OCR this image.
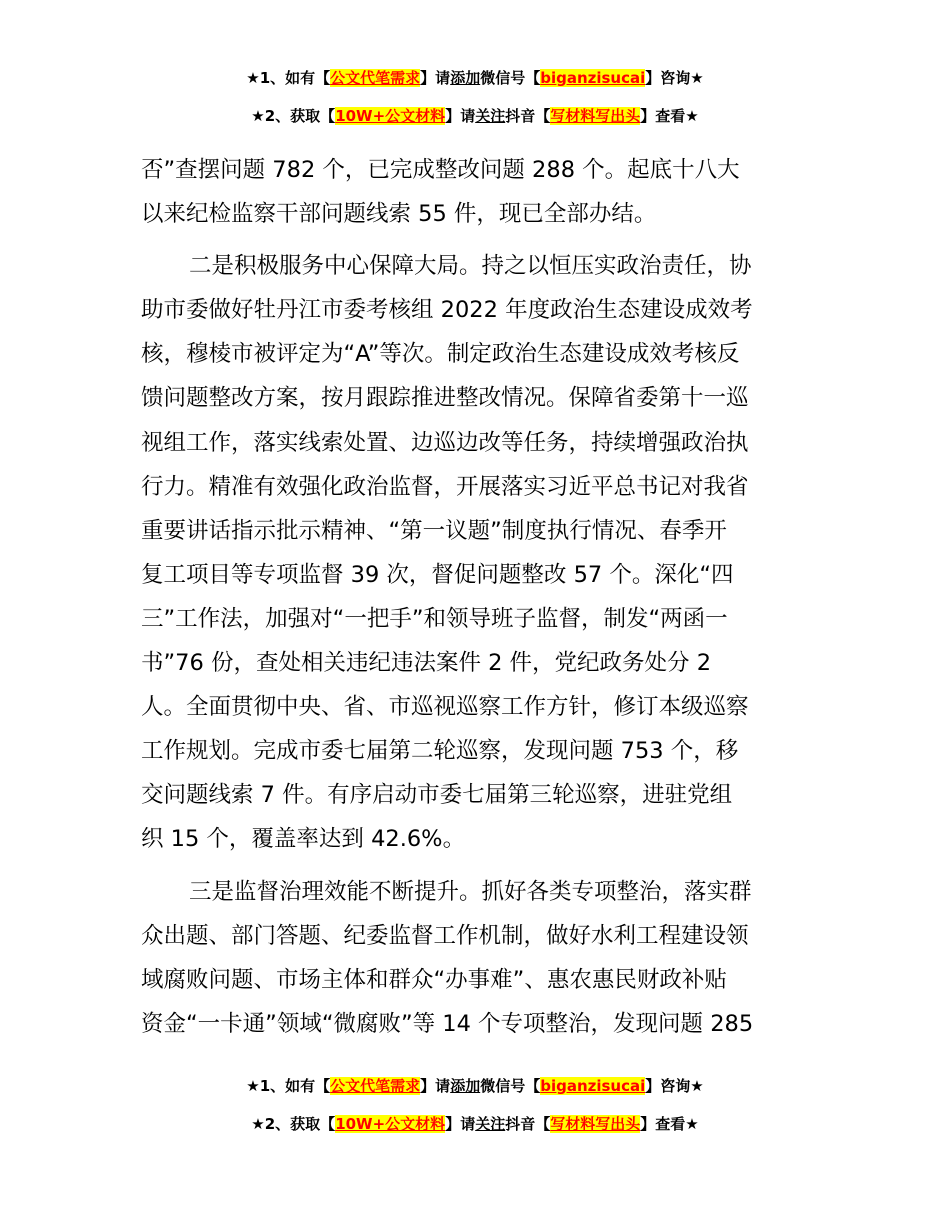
★1、如有【公文代笔需求】请添加微信号【biganzisucai】咨询★
★2、获取【10W+公文材料】请关注抖音【写材料写出头】查看★
否”查摆问题 782 个，已完成整改问题 288 个。起底十八大
以来纪检监察干部问题线索 55 件，现已全部办结。
二是积极服务中心保障大局。持之以恒压实政治责任，协
助市委做好牡丹江市委考核组 2022 年度政治生态建设成效考
核，穆棱市被评定为“A”等次。制定政治生态建设成效考核反
馈问题整改方案，按月跟踪推进整改情况。保障省委第十一巡
视组工作，落实线索处置、边巡边改等任务，持续增强政治执
行力。精准有效强化政治监督，开展落实习近平总书记对我省
重要讲话指示批示精神、“第一议题”制度执行情况、春季开
复工项目等专项监督 39 次，督促问题整改 57 个。深化“四
三”工作法，加强对“一把手”和领导班子监督，制发“两函一
书”76 份，查处相关违纪违法案件 2 件，党纪政务处分 2
人。全面贯彻中央、省、市巡视巡察工作方针，修订本级巡察
工作规划。完成市委七届第二轮巡察，发现问题 753 个，移
交问题线索 7 件。有序启动市委七届第三轮巡察，进驻党组
织 15 个，覆盖率达到 42.6%。
三是监督治理效能不断提升。抓好各类专项整治，落实群
众出题、部门答题、纪委监督工作机制，做好水利工程建设领
域腐败问题、市场主体和群众“办事难”、惠农惠民财政补贴
资金“一卡通”领域“微腐败”等 14 个专项整治，发现问题 285
★1、如有【公文代笔需求】请添加微信号【biganzisucai】咨询★
★2、获取【10W+公文材料】请关注抖音【写材料写出头】查看★
